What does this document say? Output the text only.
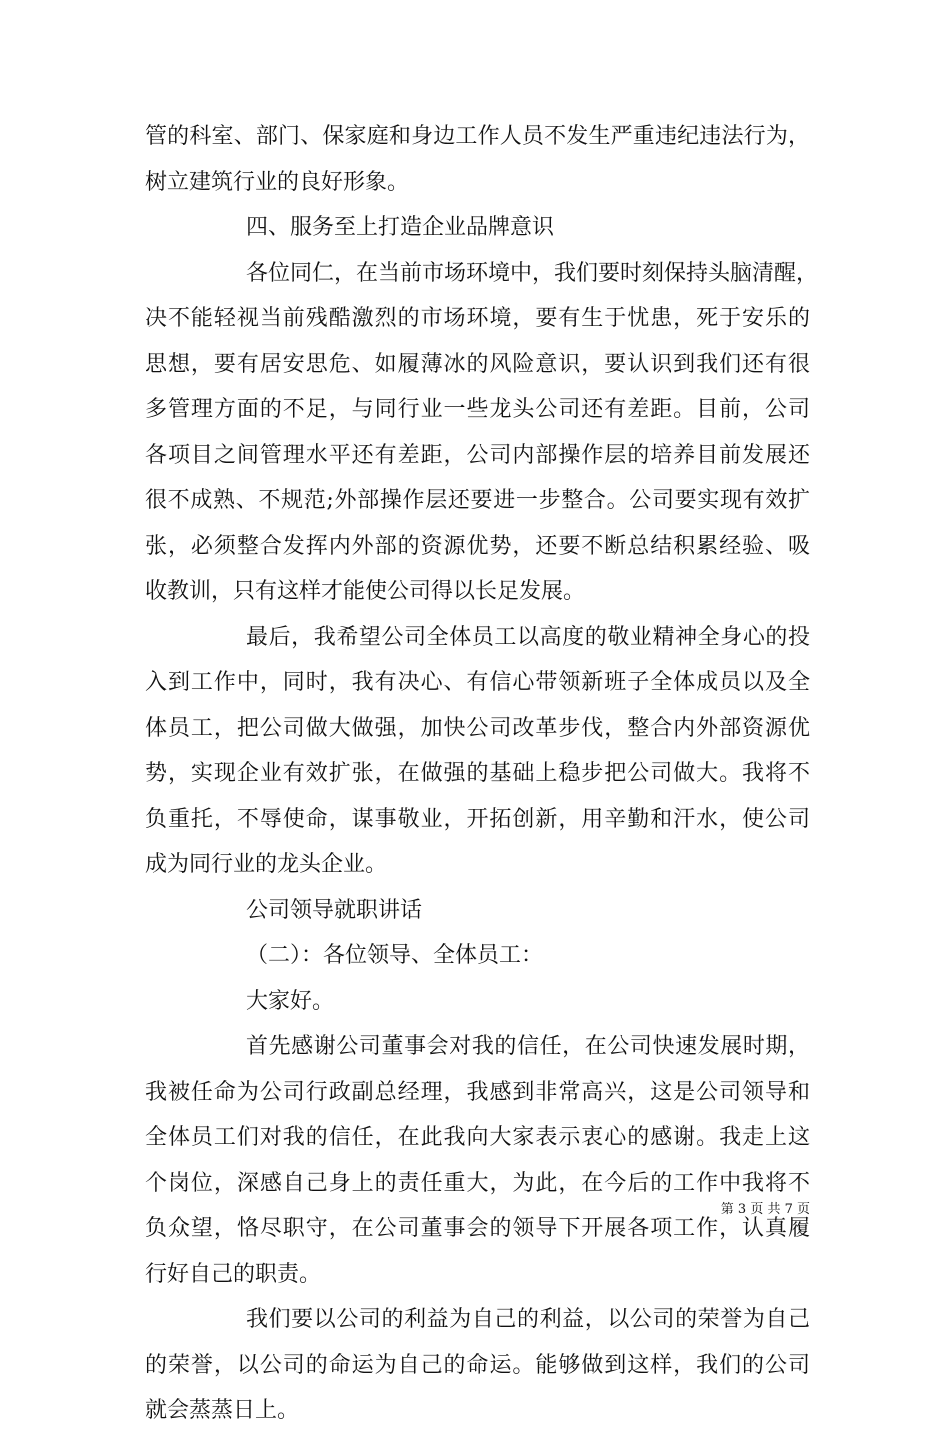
管的科室、部门、保家庭和身边工作人员不发生严重违纪违法行为，
树立建筑行业的良好形象。
四、服务至上打造企业品牌意识
各位同仁，在当前市场环境中，我们要时刻保持头脑清醒，
决不能轻视当前残酷激烈的市场环境，要有生于忧患，死于安乐的
思想，要有居安思危、如履薄冰的风险意识，要认识到我们还有很
多管理方面的不足，与同行业一些龙头公司还有差距。目前，公司
各项目之间管理水平还有差距，公司内部操作层的培养目前发展还
很不成熟、不规范;外部操作层还要进一步整合。公司要实现有效扩
张，必须整合发挥内外部的资源优势，还要不断总结积累经验、吸
收教训，只有这样才能使公司得以长足发展。
最后，我希望公司全体员工以高度的敬业精神全身心的投
入到工作中，同时，我有决心、有信心带领新班子全体成员以及全
体员工，把公司做大做强，加快公司改革步伐，整合内外部资源优
势，实现企业有效扩张，在做强的基础上稳步把公司做大。我将不
负重托，不辱使命，谋事敬业，开拓创新，用辛勤和汗水，使公司
成为同行业的龙头企业。
公司领导就职讲话
（二）：各位领导、全体员工：
大家好。
首先感谢公司董事会对我的信任，在公司快速发展时期，
我被任命为公司行政副总经理，我感到非常高兴，这是公司领导和
全体员工们对我的信任，在此我向大家表示衷心的感谢。我走上这
个岗位，深感自己身上的责任重大，为此，在今后的工作中我将不
负众望，恪尽职守，在公司董事会的领导下开展各项工作，认真履
行好自己的职责。
我们要以公司的利益为自己的利益，以公司的荣誉为自己
的荣誉，以公司的命运为自己的命运。能够做到这样，我们的公司
就会蒸蒸日上。
第 3 页 共 7 页
